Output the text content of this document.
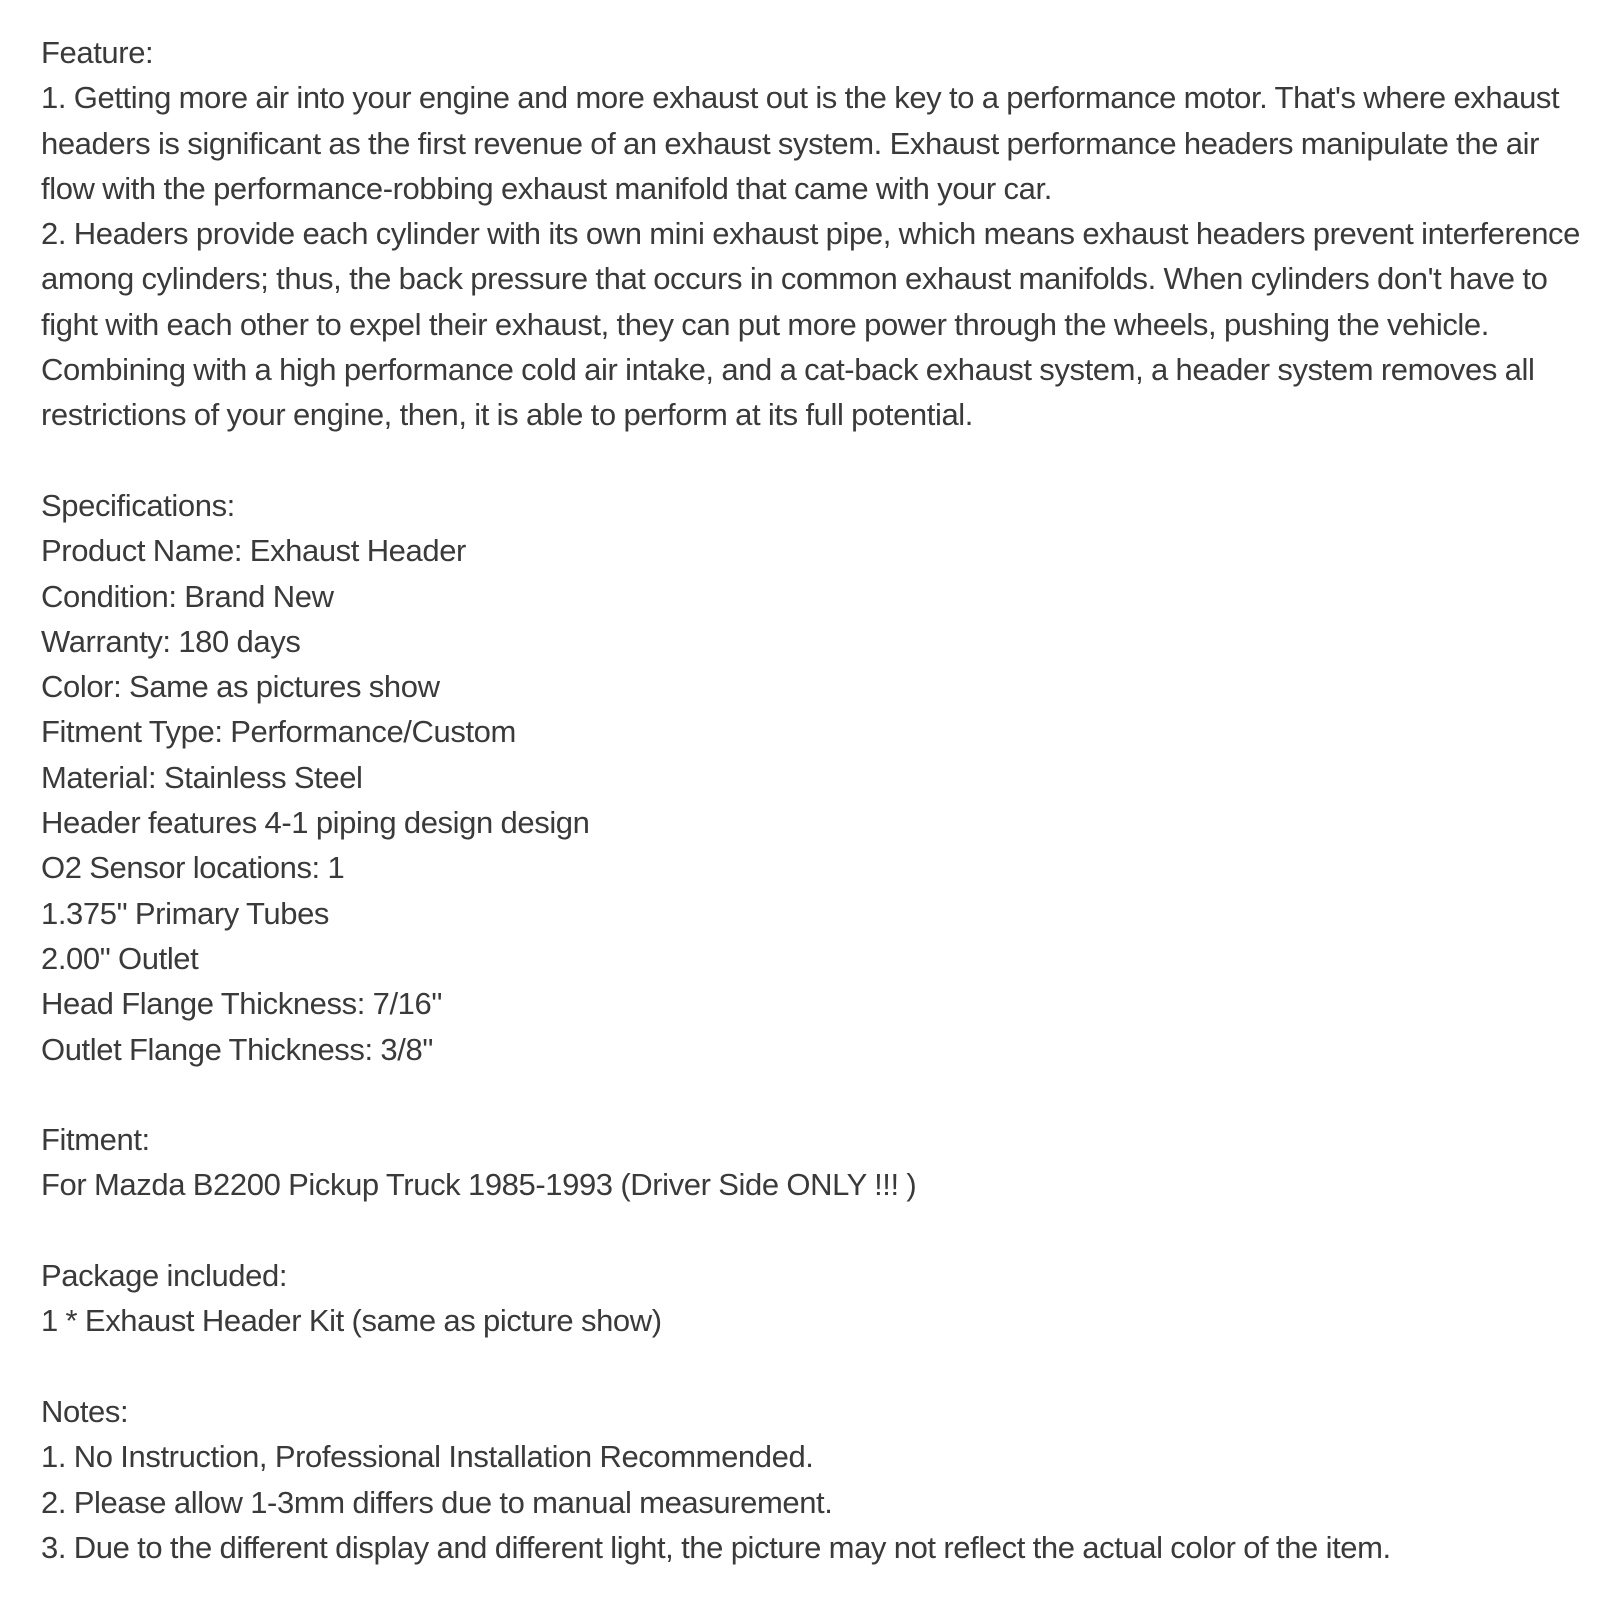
Feature:
1. Getting more air into your engine and more exhaust out is the key to a performance motor. That's where exhaust headers is significant as the first revenue of an exhaust system. Exhaust performance headers manipulate the air flow with the performance-robbing exhaust manifold that came with your car.
2. Headers provide each cylinder with its own mini exhaust pipe, which means exhaust headers prevent interference among cylinders; thus, the back pressure that occurs in common exhaust manifolds. When cylinders don't have to fight with each other to expel their exhaust, they can put more power through the wheels, pushing the vehicle. Combining with a high performance cold air intake, and a cat-back exhaust system, a header system removes all restrictions of your engine, then, it is able to perform at its full potential.
Specifications:
Product Name: Exhaust Header
Condition: Brand New
Warranty: 180 days
Color: Same as pictures show
Fitment Type: Performance/Custom
Material: Stainless Steel
Header features 4-1 piping design design
O2 Sensor locations: 1
1.375" Primary Tubes
2.00" Outlet
Head Flange Thickness: 7/16"
Outlet Flange Thickness: 3/8"
Fitment:
For Mazda B2200 Pickup Truck 1985-1993 (Driver Side ONLY !!! )
Package included:
1 * Exhaust Header Kit (same as picture show)
Notes:
1. No Instruction, Professional Installation Recommended.
2. Please allow 1-3mm differs due to manual measurement.
3. Due to the different display and different light, the picture may not reflect the actual color of the item.
